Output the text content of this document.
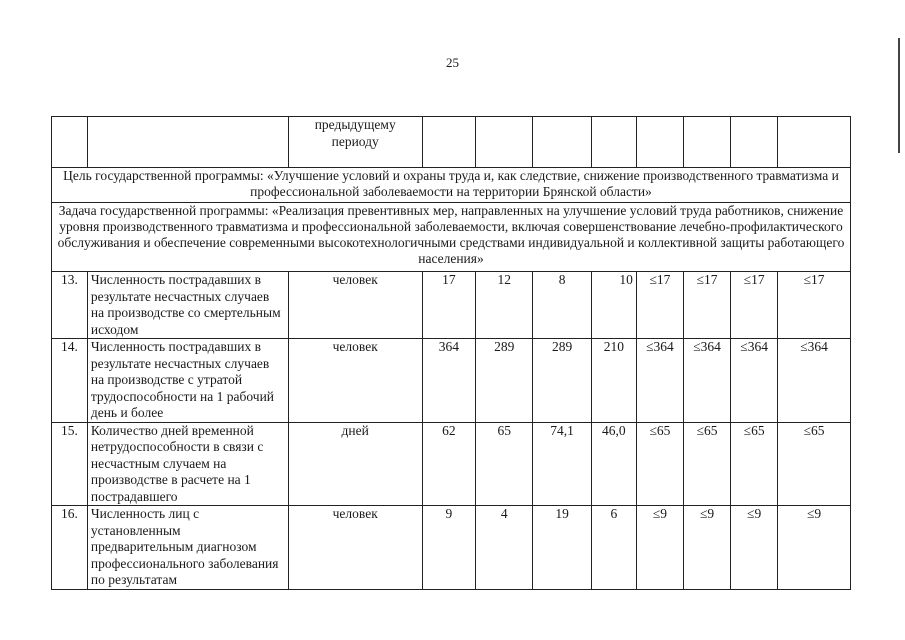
25
		предыдущему периоду								
Цель государственной программы: «Улучшение условий и охраны труда и, как следствие, снижение производственного травматизма и профессиональной заболеваемости на территории Брянской области»										
Задача государственной программы: «Реализация превентивных мер, направленных на улучшение условий труда работников, снижение уровня производственного травматизма и профессиональной заболеваемости, включая совершенствование лечебно-профилактического обслуживания и обеспечение современными высокотехнологичными средствами индивидуальной и коллективной защиты работающего населения»										
13.	Численность пострадавших в результате несчастных случаев на производстве со смертельным исходом	человек	17	12	8	10	≤17	≤17	≤17	≤17
14.	Численность пострадавших в результате несчастных случаев на производстве с утратой трудоспособности на 1 рабочий день и более	человек	364	289	289	210	≤364	≤364	≤364	≤364
15.	Количество дней временной нетрудоспособности в связи с несчастным случаем на производстве в расчете на 1 пострадавшего	дней	62	65	74,1	46,0	≤65	≤65	≤65	≤65
16.	Численность лиц с установленным предварительным диагнозом профессионального заболевания по результатам	человек	9	4	19	6	≤9	≤9	≤9	≤9
